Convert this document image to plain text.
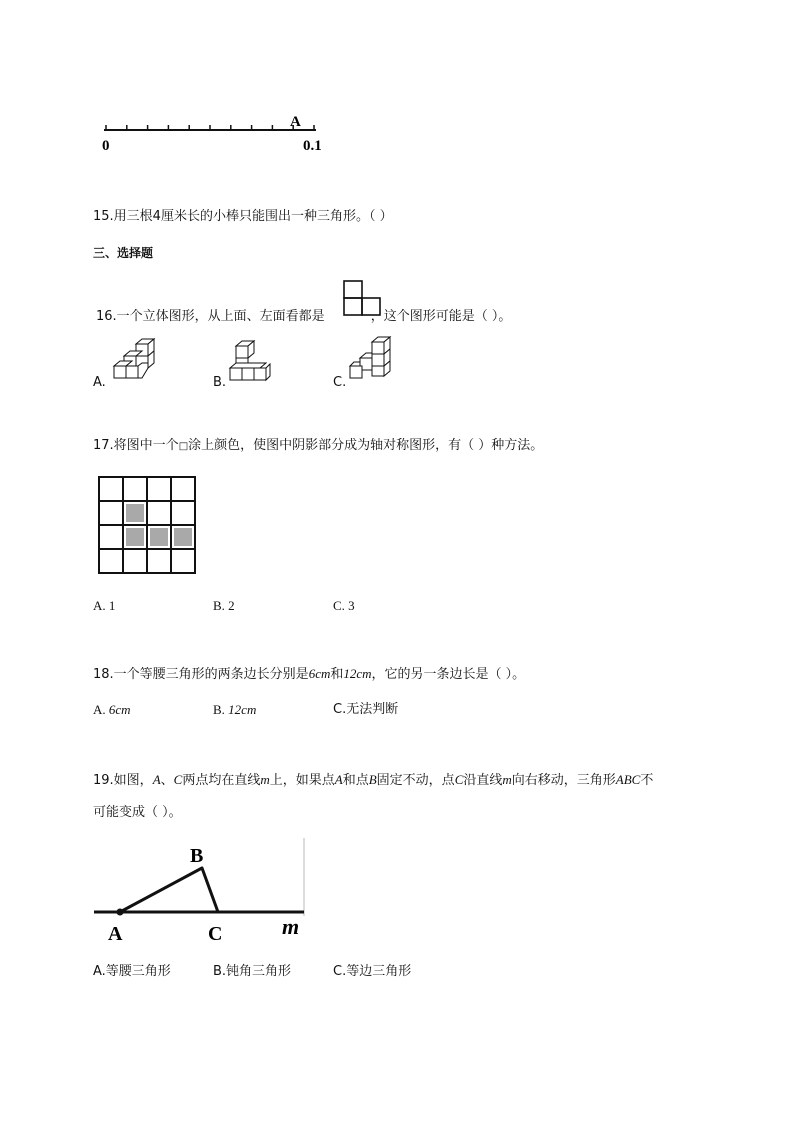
0	0.1
A
15.用三根4厘米长的小棒只能围出一种三角形。（ ）
三、选择题
16.一个立体图形，从上面、左面看都是	，这个图形可能是（ ）。
A.	B.	C.
17.将图中一个□涂上颜色，使图中阴影部分成为轴对称图形，有（ ）种方法。
A. 1	B. 2	C. 3
18.一个等腰三角形的两条边长分别是6cm和12cm，它的另一条边长是（ ）。
A. 6cm	B. 12cm	C.无法判断
19.如图，A、C两点均在直线m上，如果点A和点B固定不动，点C沿直线m向右移动，三角形ABC不
可能变成（ ）。
A
B
C	m
A.等腰三角形	B.钝角三角形	C.等边三角形
